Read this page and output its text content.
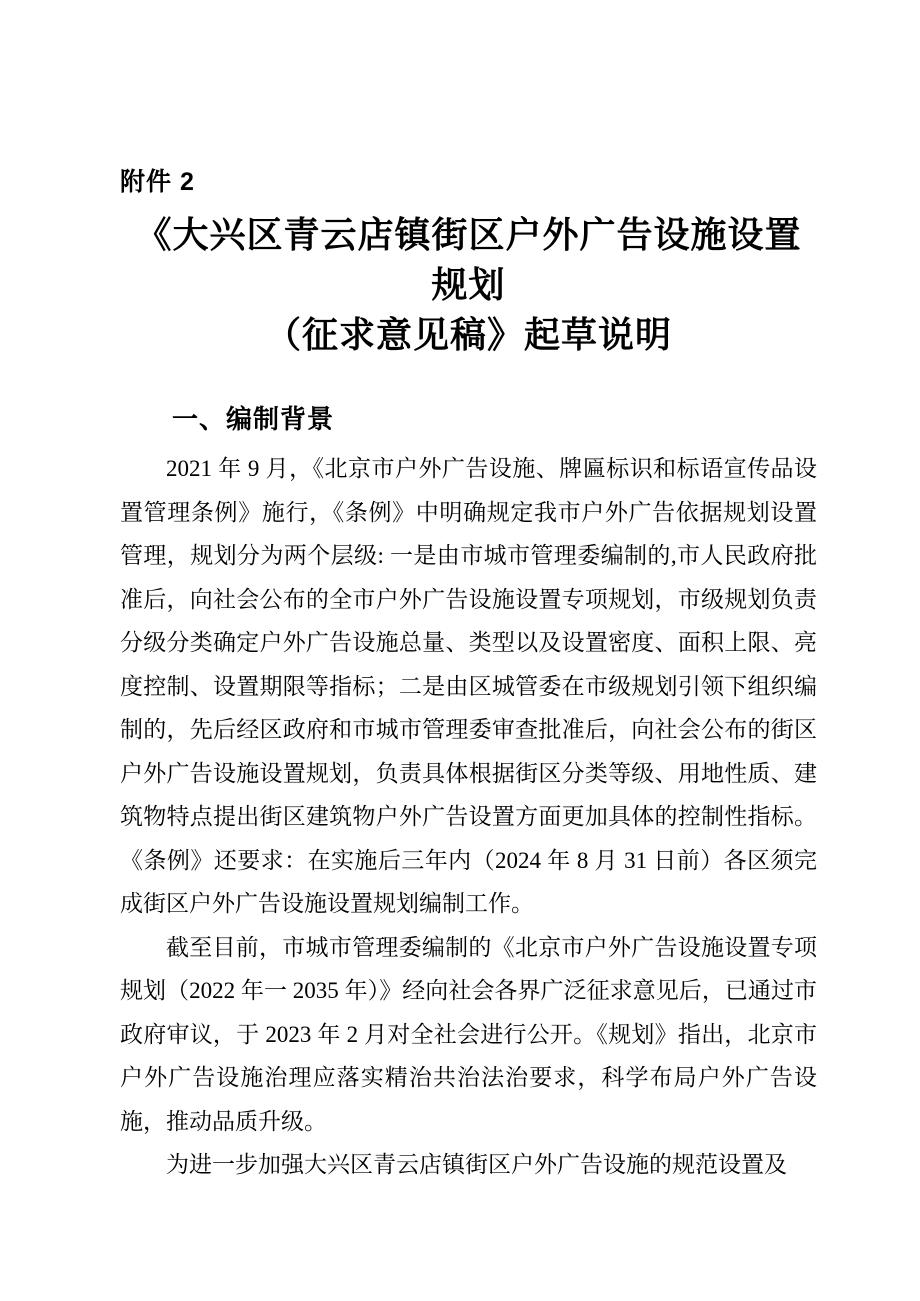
附件 2
《大兴区青云店镇街区户外广告设施设置规划
（征求意见稿》起草说明
一、编制背景

2021 年 9 月，《北京市户外广告设施、牌匾标识和标语宣传品设置管理条例》施行，《条例》中明确规定我市户外广告依据规划设置管理，规划分为两个层级: 一是由市城市管理委编制的,市人民政府批准后，向社会公布的全市户外广告设施设置专项规划，市级规划负责分级分类确定户外广告设施总量、类型以及设置密度、面积上限、亮度控制、设置期限等指标；二是由区城管委在市级规划引领下组织编制的，先后经区政府和市城市管理委审查批准后，向社会公布的街区户外广告设施设置规划，负责具体根据街区分类等级、用地性质、建筑物特点提出街区建筑物户外广告设置方面更加具体的控制性指标。《条例》还要求：在实施后三年内（2024 年 8 月 31 日前）各区须完成街区户外广告设施设置规划编制工作。

截至目前，市城市管理委编制的《北京市户外广告设施设置专项规划（2022 年一 2035 年）》经向社会各界广泛征求意见后，已通过市政府审议，于 2023 年 2 月对全社会进行公开。《规划》指出，北京市户外广告设施治理应落实精治共治法治要求，科学布局户外广告设施，推动品质升级。

为进一步加强大兴区青云店镇街区户外广告设施的规范设置及
